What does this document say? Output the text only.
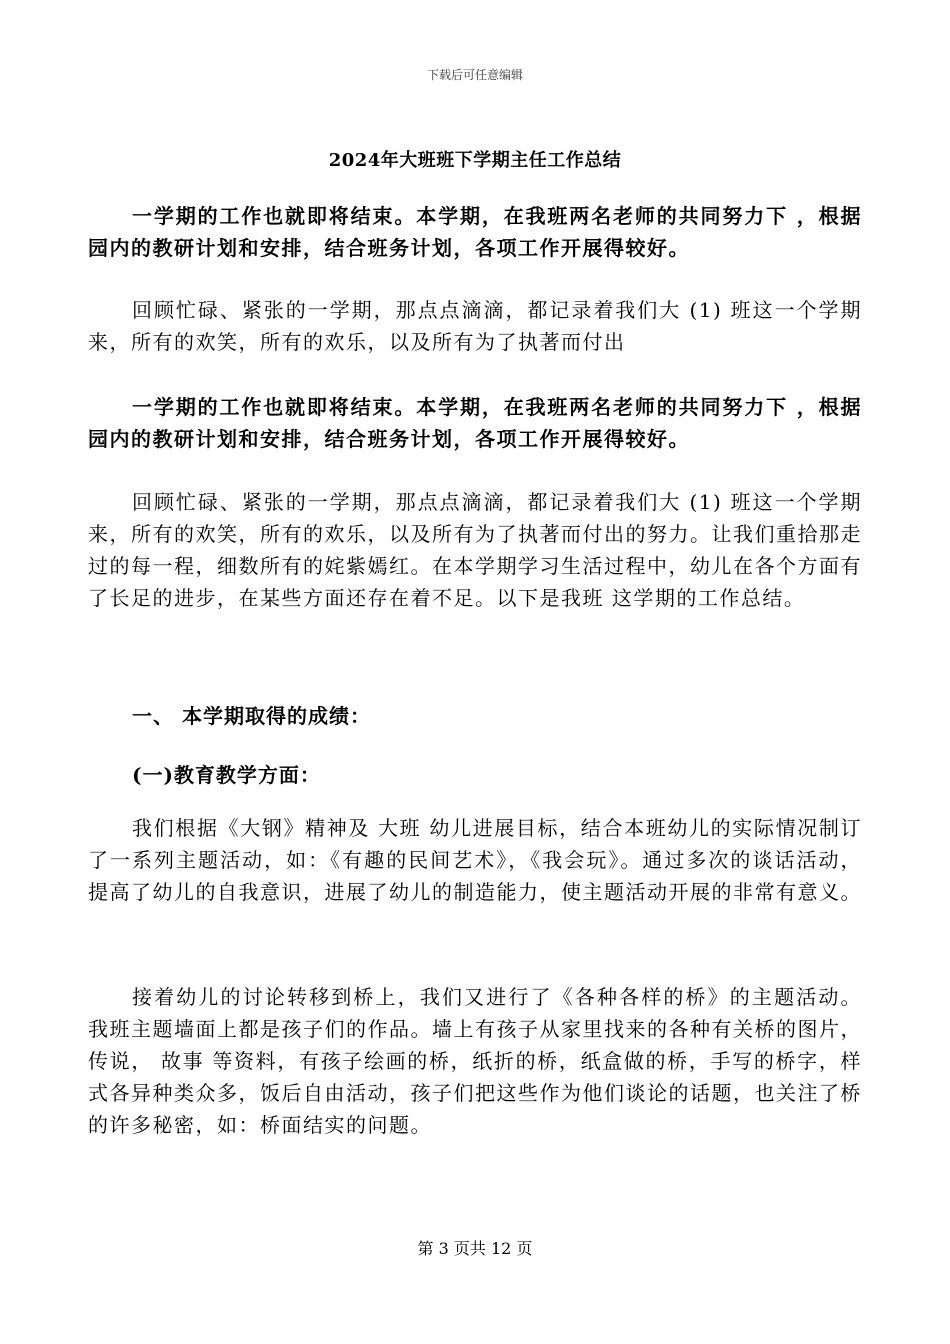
下载后可任意编辑
2024年大班班下学期主任工作总结

一学期的工作也就即将结束。本学期，在我班两名老师的共同努力下 ，根据园内的教研计划和安排，结合班务计划，各项工作开展得较好。

回顾忙碌、紧张的一学期，那点点滴滴，都记录着我们大 (1) 班这一个学期来，所有的欢笑，所有的欢乐，以及所有为了执著而付出

一学期的工作也就即将结束。本学期，在我班两名老师的共同努力下 ，根据园内的教研计划和安排，结合班务计划，各项工作开展得较好。

回顾忙碌、紧张的一学期，那点点滴滴，都记录着我们大 (1) 班这一个学期来，所有的欢笑，所有的欢乐，以及所有为了执著而付出的努力。让我们重拾那走过的每一程，细数所有的姹紫嫣红。在本学期学习生活过程中，幼儿在各个方面有了长足的进步，在某些方面还存在着不足。以下是我班 这学期的工作总结。

一、 本学期取得的成绩：

(一)教育教学方面：

我们根据《大钢》精神及 大班 幼儿进展目标，结合本班幼儿的实际情况制订了一系列主题活动，如：《有趣的民间艺术》，《我会玩》。通过多次的谈话活动，提高了幼儿的自我意识，进展了幼儿的制造能力，使主题活动开展的非常有意义。

接着幼儿的讨论转移到桥上，我们又进行了《各种各样的桥》的主题活动。我班主题墙面上都是孩子们的作品。墙上有孩子从家里找来的各种有关桥的图片，传说， 故事 等资料，有孩子绘画的桥，纸折的桥，纸盒做的桥，手写的桥字，样式各异种类众多，饭后自由活动，孩子们把这些作为他们谈论的话题，也关注了桥的许多秘密，如：桥面结实的问题。

第 3 页共 12 页
